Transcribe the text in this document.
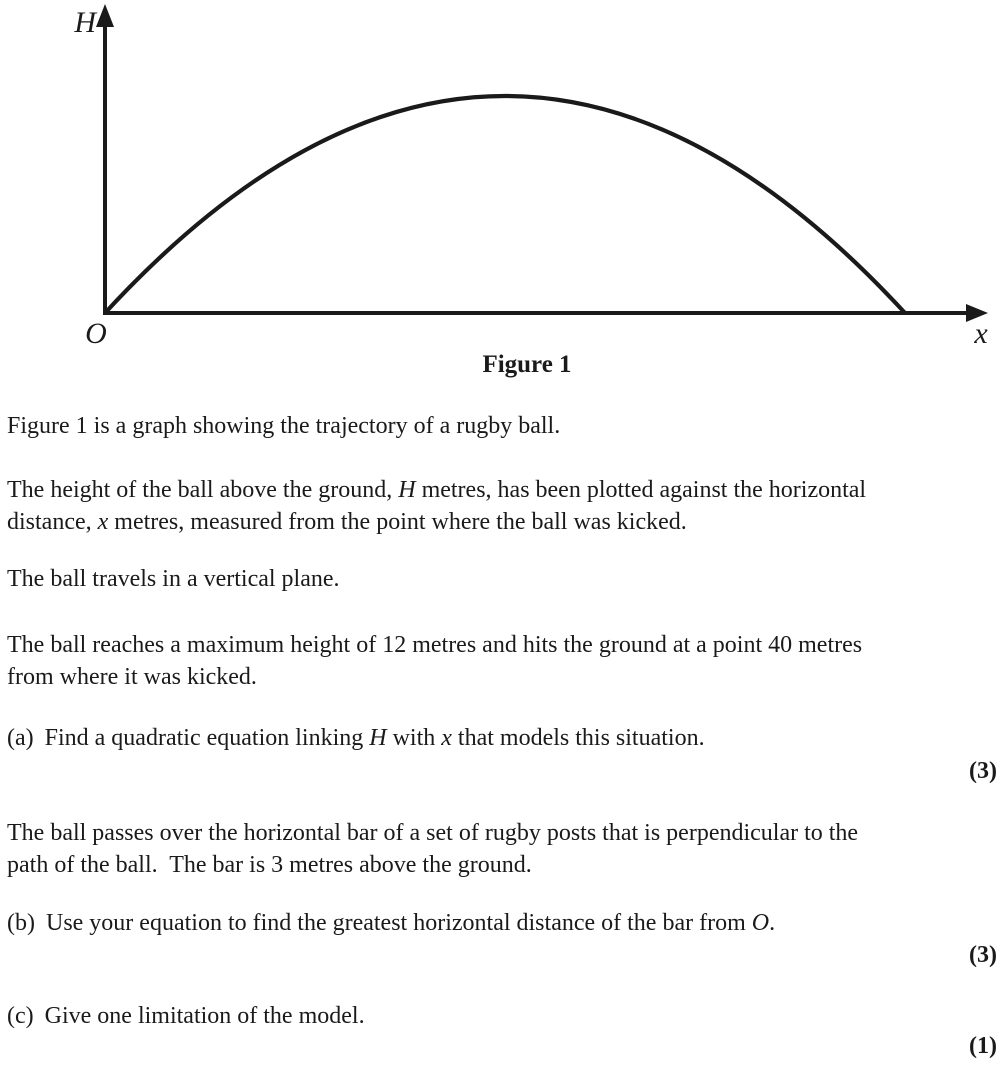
H
O	x
Figure 1
Figure 1 is a graph showing the trajectory of a rugby ball.
The height of the ball above the ground, H metres, has been plotted against the horizontal
distance, x metres, measured from the point where the ball was kicked.
The ball travels in a vertical plane.
The ball reaches a maximum height of 12 metres and hits the ground at a point 40 metres
from where it was kicked.
(a) Find a quadratic equation linking H with x that models this situation.
(3)
The ball passes over the horizontal bar of a set of rugby posts that is perpendicular to the
path of the ball.  The bar is 3 metres above the ground.
(b) Use your equation to find the greatest horizontal distance of the bar from O.
(3)
(c) Give one limitation of the model.
(1)
